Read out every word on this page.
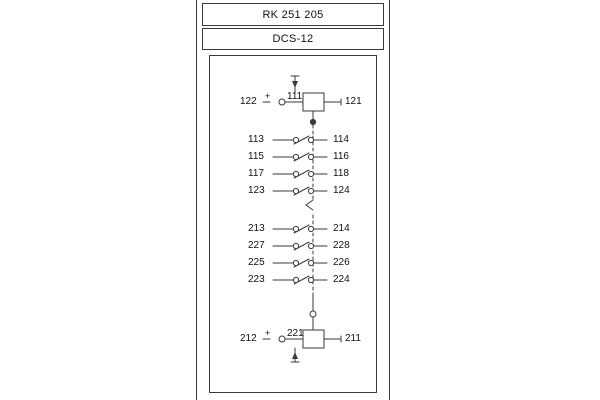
RK 251 205
DCS-12
122 + 111	121
113	114
115	116
117	118
123	124
213	214
227	228
225	226
223	224
212 + 221	211
